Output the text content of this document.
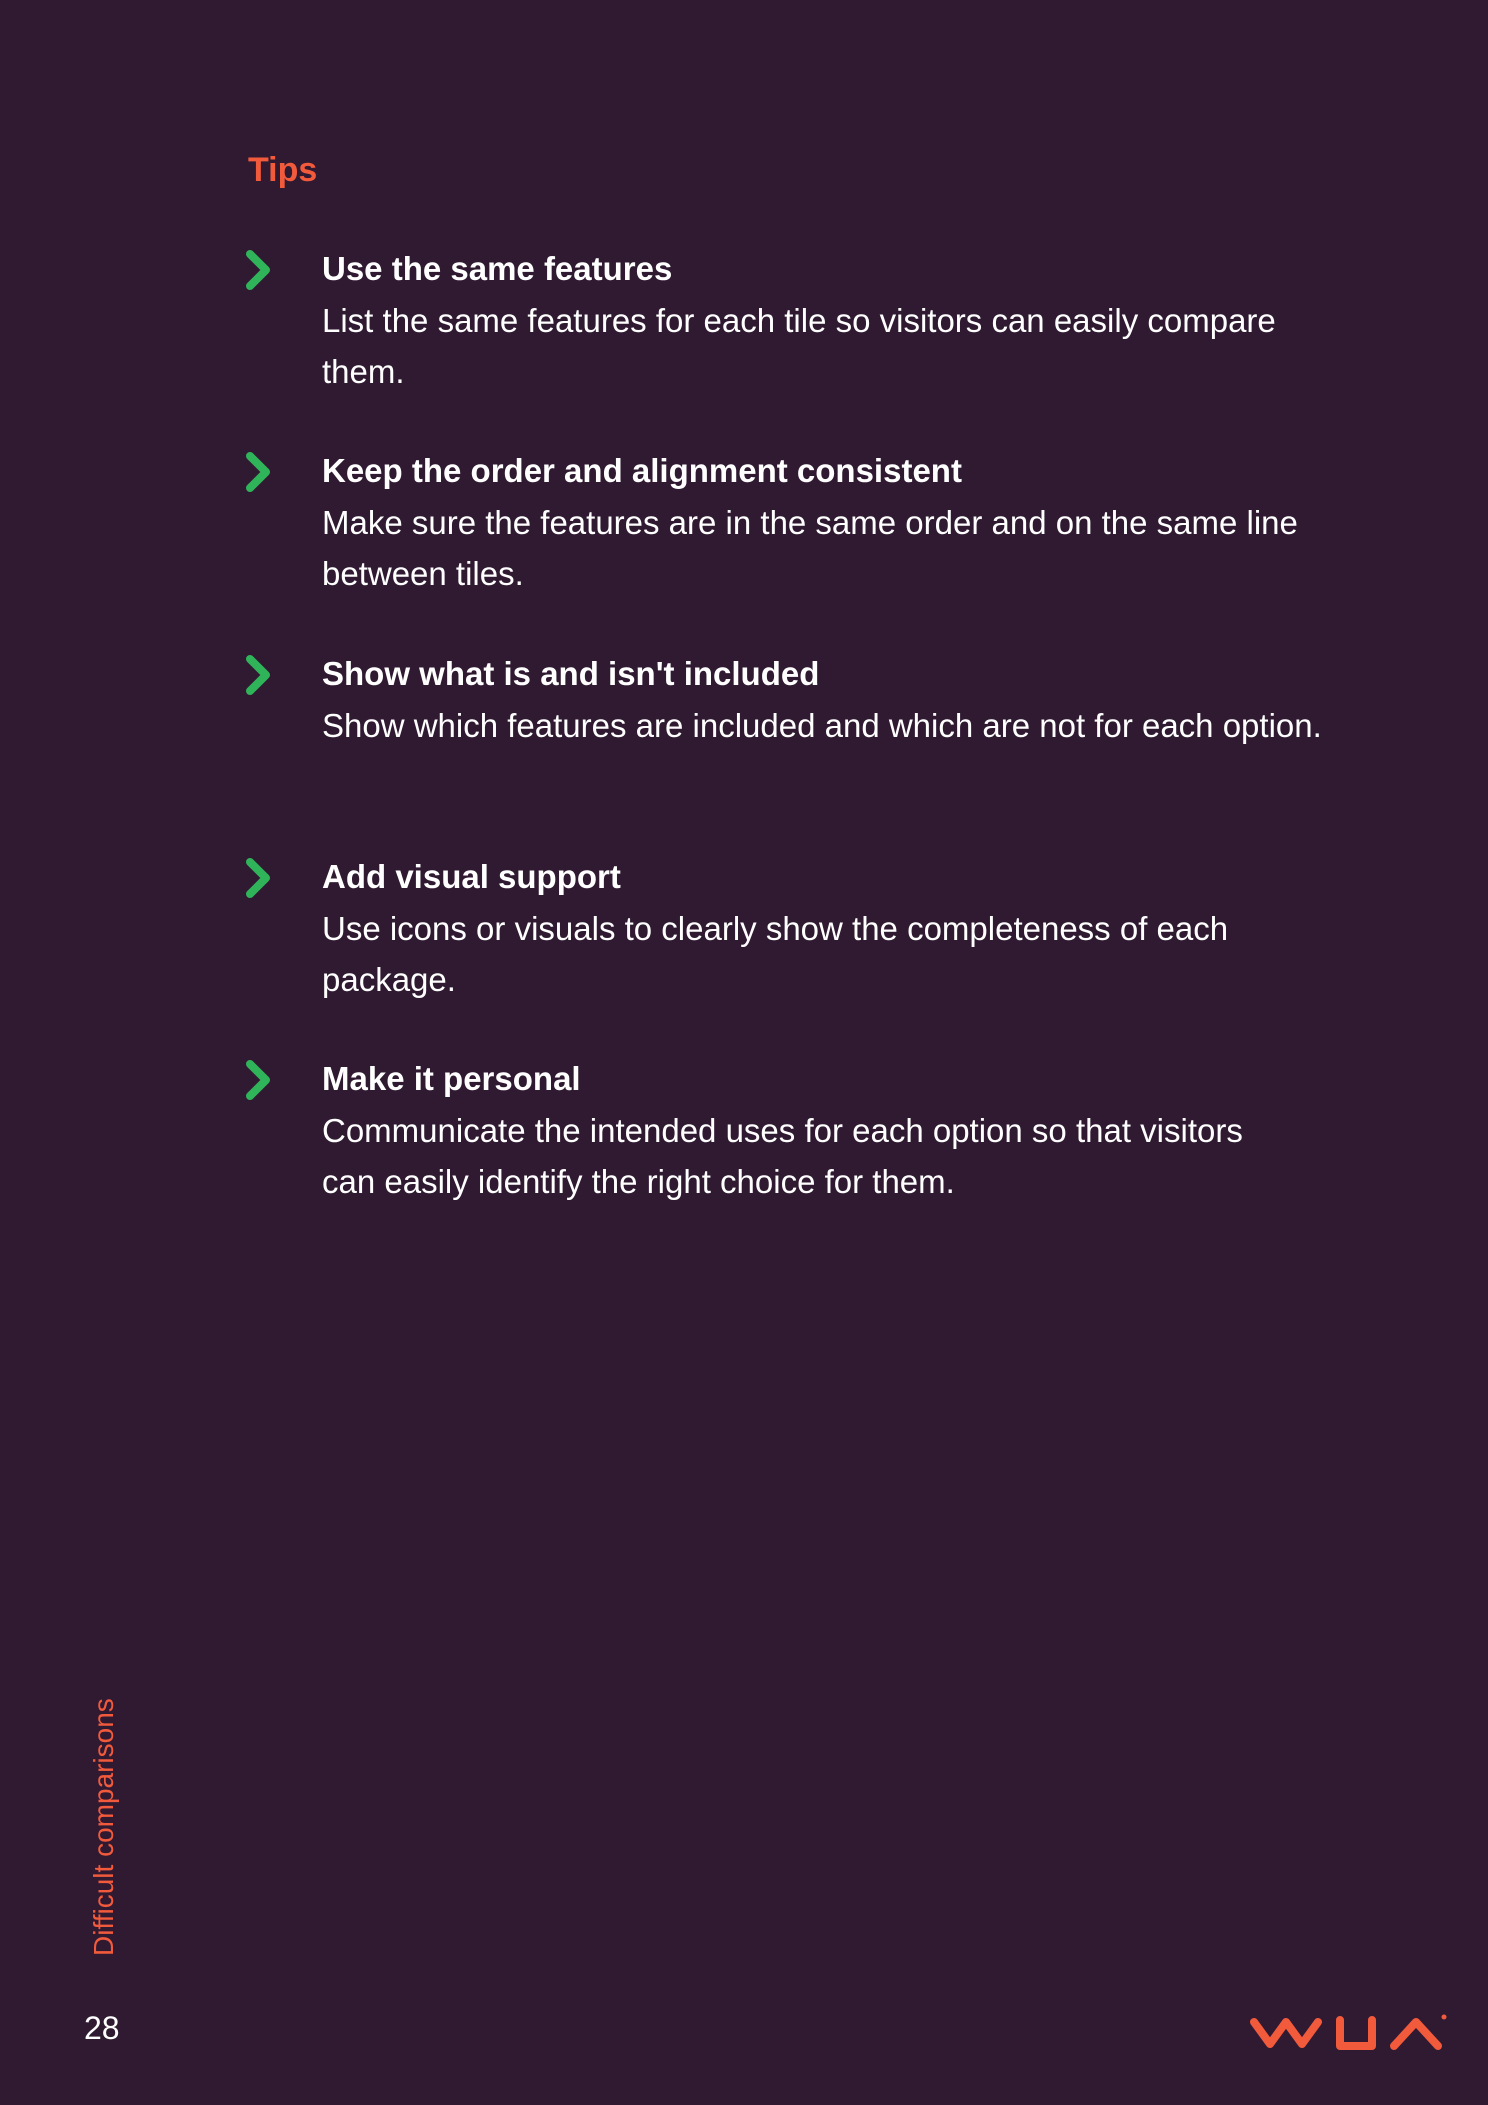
Tips
Use the same features

List the same features for each tile so visitors can easily compare them.

Keep the order and alignment consistent

Make sure the features are in the same order and on the same line between tiles.

Show what is and isn't included

Show which features are included and which are not for each option.

Add visual support

Use icons or visuals to clearly show the completeness of each package.

Make it personal

Communicate the intended uses for each option so that visitors can easily identify the right choice for them.

Difficult comparisons
28
